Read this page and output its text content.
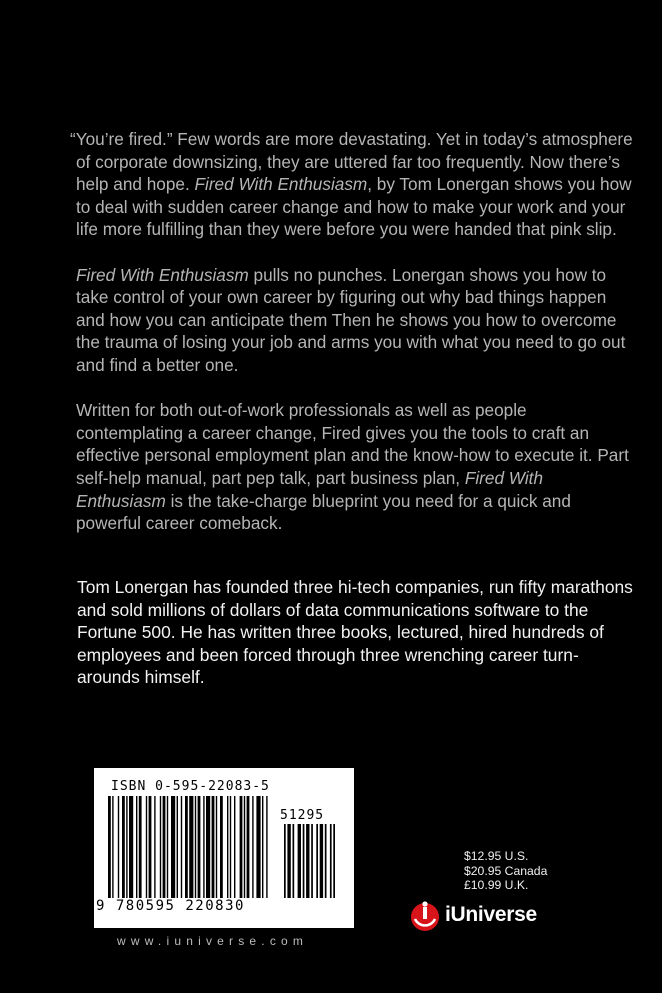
“You’re fired.” Few words are more devastating. Yet in today’s atmosphere of corporate downsizing, they are uttered far too frequently. Now there’s help and hope. Fired With Enthusiasm, by Tom Lonergan shows you how to deal with sudden career change and how to make your work and your life more fulfilling than they were before you were handed that pink slip.

Fired With Enthusiasm pulls no punches. Lonergan shows you how to take control of your own career by figuring out why bad things happen and how you can anticipate them Then he shows you how to overcome the trauma of losing your job and arms you with what you need to go out and find a better one.

Written for both out-of-work professionals as well as people contemplating a career change, Fired gives you the tools to craft an effective personal employment plan and the know-how to execute it. Part self-help manual, part pep talk, part business plan, Fired With Enthusiasm is the take-charge blueprint you need for a quick and powerful career comeback.

Tom Lonergan has founded three hi-tech companies, run fifty marathons and sold millions of dollars of data communications software to the Fortune 500. He has written three books, lectured, hired hundreds of employees and been forced through three wrenching career turn-arounds himself.
ISBN 0-595-22083-5
51295
9 780595 220830
www.iuniverse.com
$12.95 U.S.
$20.95 Canada
£10.99 U.K.
iUniverse
